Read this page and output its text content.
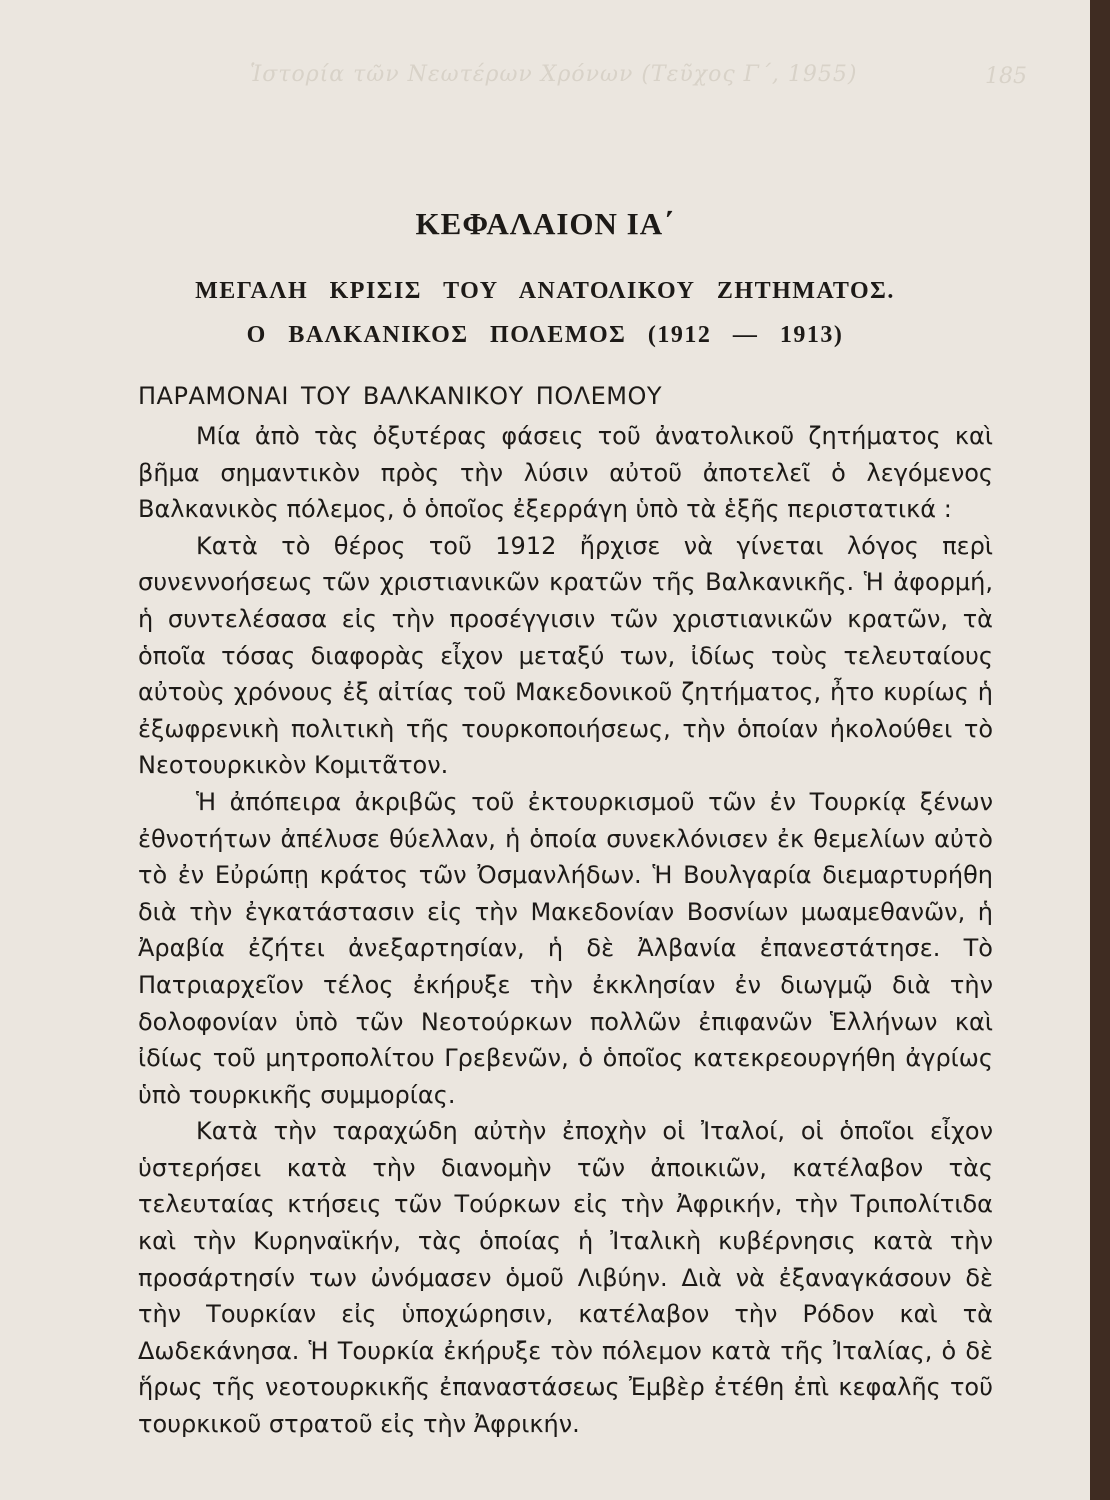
Ἱστορία τῶν Νεωτέρων Χρόνων (Τεῦχος Γ΄, 1955)	185
ΚΕΦΑΛΑΙΟΝ ΙΑ΄
ΜΕΓΑΛΗ ΚΡΙΣΙΣ ΤΟΥ ΑΝΑΤΟΛΙΚΟΥ ΖΗΤΗΜΑΤΟΣ.
Ο ΒΑΛΚΑΝΙΚΟΣ ΠΟΛΕΜΟΣ (1912 — 1913)
ΠΑΡΑΜΟΝΑΙ ΤΟΥ ΒΑΛΚΑΝΙΚΟΥ ΠΟΛΕΜΟΥ

Μία ἀπὸ τὰς ὀξυτέρας φάσεις τοῦ ἀνατολικοῦ ζητήματος καὶ βῆμα σημαντικὸν πρὸς τὴν λύσιν αὐτοῦ ἀποτελεῖ ὁ λεγόμενος Βαλκανικὸς πόλεμος, ὁ ὁποῖος ἐξερράγη ὑπὸ τὰ ἑξῆς περιστατικά :

Κατὰ τὸ θέρος τοῦ 1912 ἤρχισε νὰ γίνεται λόγος περὶ συνεννοήσεως τῶν χριστιανικῶν κρατῶν τῆς Βαλκανικῆς. Ἡ ἀφορμή, ἡ συντελέσασα εἰς τὴν προσέγγισιν τῶν χριστιανικῶν κρατῶν, τὰ ὁποῖα τόσας διαφορὰς εἶχον μεταξύ των, ἰδίως τοὺς τελευταίους αὐτοὺς χρόνους ἐξ αἰτίας τοῦ Μακεδονικοῦ ζητήματος, ἦτο κυρίως ἡ ἐξωφρενικὴ πολιτικὴ τῆς τουρκοποιήσεως, τὴν ὁποίαν ἠκολούθει τὸ Νεοτουρκικὸν Κομιτᾶτον.

Ἡ ἀπόπειρα ἀκριβῶς τοῦ ἐκτουρκισμοῦ τῶν ἐν Τουρκίᾳ ξένων ἐθνοτήτων ἀπέλυσε θύελλαν, ἡ ὁποία συνεκλόνισεν ἐκ θεμελίων αὐτὸ τὸ ἐν Εὐρώπῃ κράτος τῶν Ὀσμανλήδων. Ἡ Βουλγαρία διεμαρτυρήθη διὰ τὴν ἐγκατάστασιν εἰς τὴν Μακεδονίαν Βοσνίων μωαμεθανῶν, ἡ Ἀραβία ἐζήτει ἀνεξαρτησίαν, ἡ δὲ Ἀλβανία ἐπανεστάτησε. Τὸ Πατριαρχεῖον τέλος ἐκήρυξε τὴν ἐκκλησίαν ἐν διωγμῷ διὰ τὴν δολοφονίαν ὑπὸ τῶν Νεοτούρκων πολλῶν ἐπιφανῶν Ἑλλήνων καὶ ἰδίως τοῦ μητροπολίτου Γρεβενῶν, ὁ ὁποῖος κατεκρεουργήθη ἀγρίως ὑπὸ τουρκικῆς συμμορίας.

Κατὰ τὴν ταραχώδη αὐτὴν ἐποχὴν οἱ Ἰταλοί, οἱ ὁποῖοι εἶχον ὑστερήσει κατὰ τὴν διανομὴν τῶν ἀποικιῶν, κατέλαβον τὰς τελευταίας κτήσεις τῶν Τούρκων εἰς τὴν Ἀφρικήν, τὴν Τριπολίτιδα καὶ τὴν Κυρηναϊκήν, τὰς ὁποίας ἡ Ἰταλικὴ κυβέρνησις κατὰ τὴν προσάρτησίν των ὠνόμασεν ὁμοῦ Λιβύην. Διὰ νὰ ἐξαναγκάσουν δὲ τὴν Τουρκίαν εἰς ὑποχώρησιν, κατέλαβον τὴν Ρόδον καὶ τὰ Δωδεκάνησα. Ἡ Τουρκία ἐκήρυξε τὸν πόλεμον κατὰ τῆς Ἰταλίας, ὁ δὲ ἥρως τῆς νεοτουρκικῆς ἐπαναστάσεως Ἐμβὲρ ἐτέθη ἐπὶ κεφαλῆς τοῦ τουρκικοῦ στρατοῦ εἰς τὴν Ἀφρικήν.
